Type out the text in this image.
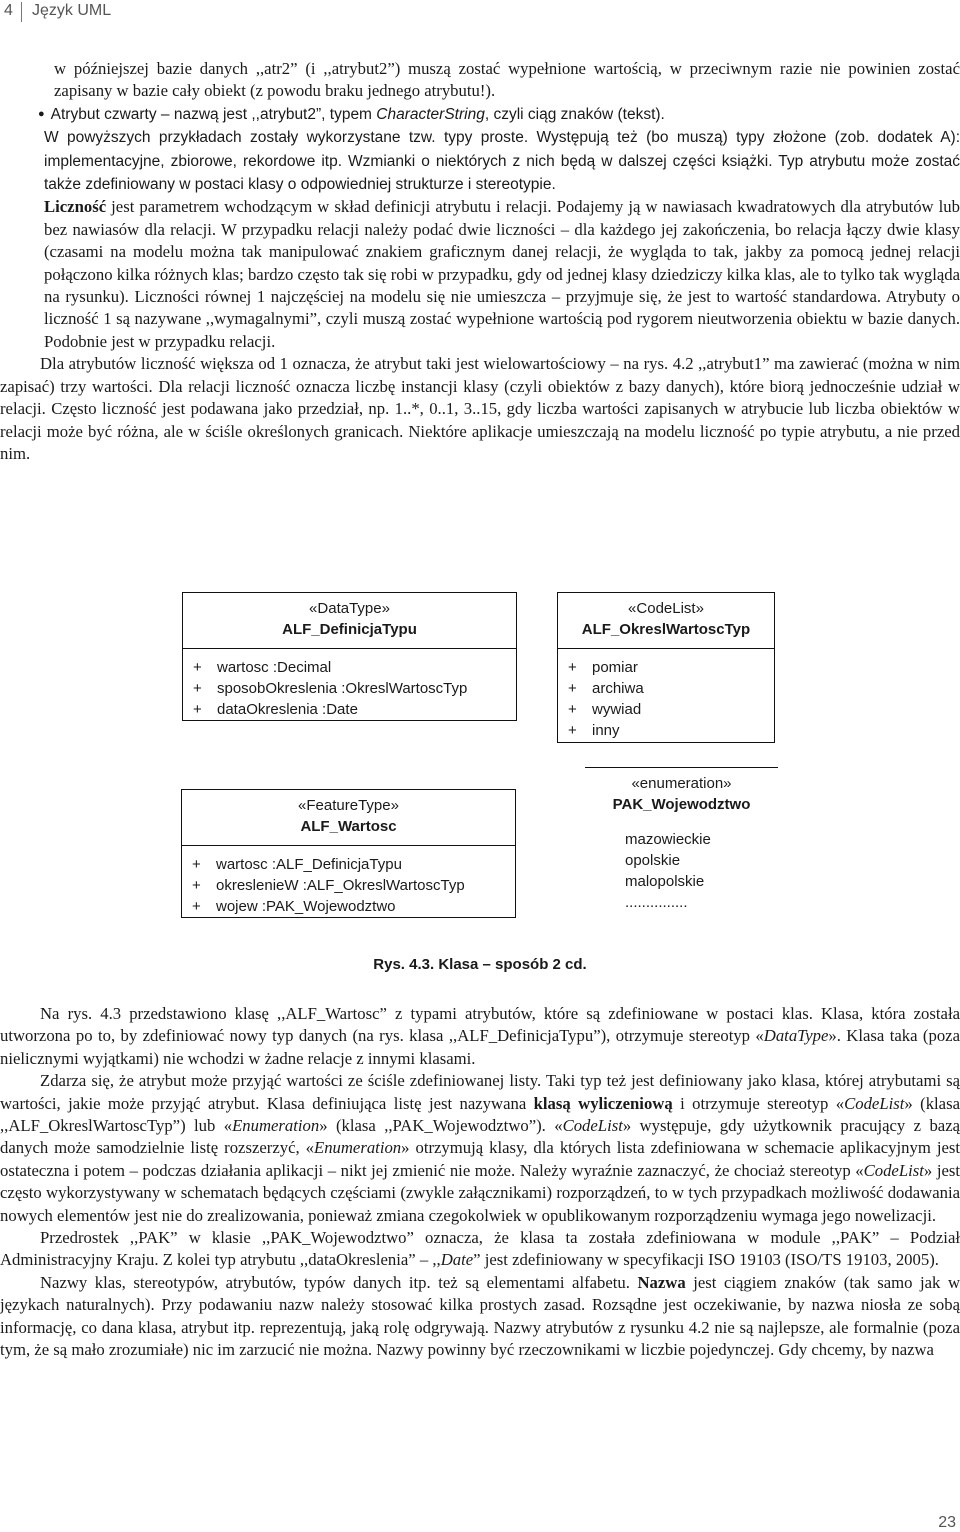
4 Język UML

w późniejszej bazie danych ,,atr2” (i ,,atrybut2”) muszą zostać wypełnione wartością, w przeciwnym razie nie powinien zostać zapisany w bazie cały obiekt (z powodu braku jednego atrybutu!).

● Atrybut czwarty – nazwą jest ,,atrybut2”, typem CharacterString, czyli ciąg znaków (tekst).

W powyższych przykładach zostały wykorzystane tzw. typy proste. Występują też (bo muszą) typy złożone (zob. dodatek A): implementacyjne, zbiorowe, rekordowe itp. Wzmianki o niektórych z nich będą w dalszej części książki. Typ atrybutu może zostać także zdefiniowany w postaci klasy o odpowiedniej strukturze i stereotypie.

Liczność jest parametrem wchodzącym w skład definicji atrybutu i relacji. Podajemy ją w nawiasach kwadratowych dla atrybutów lub bez nawiasów dla relacji. W przypadku relacji należy podać dwie liczności – dla każdego jej zakończenia, bo relacja łączy dwie klasy (czasami na modelu można tak manipulować znakiem graficznym danej relacji, że wygląda to tak, jakby za pomocą jednej relacji połączono kilka różnych klas; bardzo często tak się robi w przypadku, gdy od jednej klasy dziedziczy kilka klas, ale to tylko tak wygląda na rysunku). Liczności równej 1 najczęściej na modelu się nie umieszcza – przyjmuje się, że jest to wartość standardowa. Atrybuty o liczność 1 są nazywane ,,wymagalnymi”, czyli muszą zostać wypełnione wartością pod rygorem nieutworzenia obiektu w bazie danych. Podobnie jest w przypadku relacji.

Dla atrybutów liczność większa od 1 oznacza, że atrybut taki jest wielowartościowy – na rys. 4.2 ,,atrybut1” ma zawierać (można w nim zapisać) trzy wartości. Dla relacji liczność oznacza liczbę instancji klasy (czyli obiektów z bazy danych), które biorą jednocześnie udział w relacji. Często liczność jest podawana jako przedział, np. 1..*, 0..1, 3..15, gdy liczba wartości zapisanych w atrybucie lub liczba obiektów w relacji może być różna, ale w ściśle określonych granicach. Niektóre aplikacje umieszczają na modelu liczność po typie atrybutu, a nie przed nim.

«DataType»
ALF_DefinicjaTypu
+ wartosc :Decimal
+ sposobOkreslenia :OkreslWartoscTyp
+ dataOkreslenia :Date
«CodeList»
ALF_OkreslWartoscTyp
+ pomiar
+ archiwa
+ wywiad
+ inny
«FeatureType»
ALF_Wartosc
+ wartosc :ALF_DefinicjaTypu
+ okreslenieW :ALF_OkreslWartoscTyp
+ wojew :PAK_Wojewodztwo
«enumeration»
PAK_Wojewodztwo
mazowieckie
opolskie
malopolskie
...............
Rys. 4.3. Klasa – sposób 2 cd.

Na rys. 4.3 przedstawiono klasę ,,ALF_Wartosc” z typami atrybutów, które są zdefiniowane w postaci klas. Klasa, która została utworzona po to, by zdefiniować nowy typ danych (na rys. klasa ,,ALF_DefinicjaTypu”), otrzymuje stereotyp «DataType». Klasa taka (poza nielicznymi wyjątkami) nie wchodzi w żadne relacje z innymi klasami.

Zdarza się, że atrybut może przyjąć wartości ze ściśle zdefiniowanej listy. Taki typ też jest definiowany jako klasa, której atrybutami są wartości, jakie może przyjąć atrybut. Klasa definiująca listę jest nazywana klasą wyliczeniową i otrzymuje stereotyp «CodeList» (klasa ,,ALF_OkreslWartoscTyp”) lub «Enumeration» (klasa ,,PAK_Wojewodztwo”). «CodeList» występuje, gdy użytkownik pracujący z bazą danych może samodzielnie listę rozszerzyć, «Enumeration» otrzymują klasy, dla których lista zdefiniowana w schemacie aplikacyjnym jest ostateczna i potem – podczas działania aplikacji – nikt jej zmienić nie może. Należy wyraźnie zaznaczyć, że chociaż stereotyp «CodeList» jest często wykorzystywany w schematach będących częściami (zwykle załącznikami) rozporządzeń, to w tych przypadkach możliwość dodawania nowych elementów jest nie do zrealizowania, ponieważ zmiana czegokolwiek w opublikowanym rozporządzeniu wymaga jego nowelizacji.

Przedrostek ,,PAK” w klasie ,,PAK_Wojewodztwo” oznacza, że klasa ta została zdefiniowana w module ,,PAK” – Podział Administracyjny Kraju. Z kolei typ atrybutu ,,dataOkreslenia” – ,,Date” jest zdefiniowany w specyfikacji ISO 19103 (ISO/TS 19103, 2005).

Nazwy klas, stereotypów, atrybutów, typów danych itp. też są elementami alfabetu. Nazwa jest ciągiem znaków (tak samo jak w językach naturalnych). Przy podawaniu nazw należy stosować kilka prostych zasad. Rozsądne jest oczekiwanie, by nazwa niosła ze sobą informację, co dana klasa, atrybut itp. reprezentują, jaką rolę odgrywają. Nazwy atrybutów z rysunku 4.2 nie są najlepsze, ale formalnie (poza tym, że są mało zrozumiałe) nic im zarzucić nie można. Nazwy powinny być rzeczownikami w liczbie pojedynczej. Gdy chcemy, by nazwa

23
